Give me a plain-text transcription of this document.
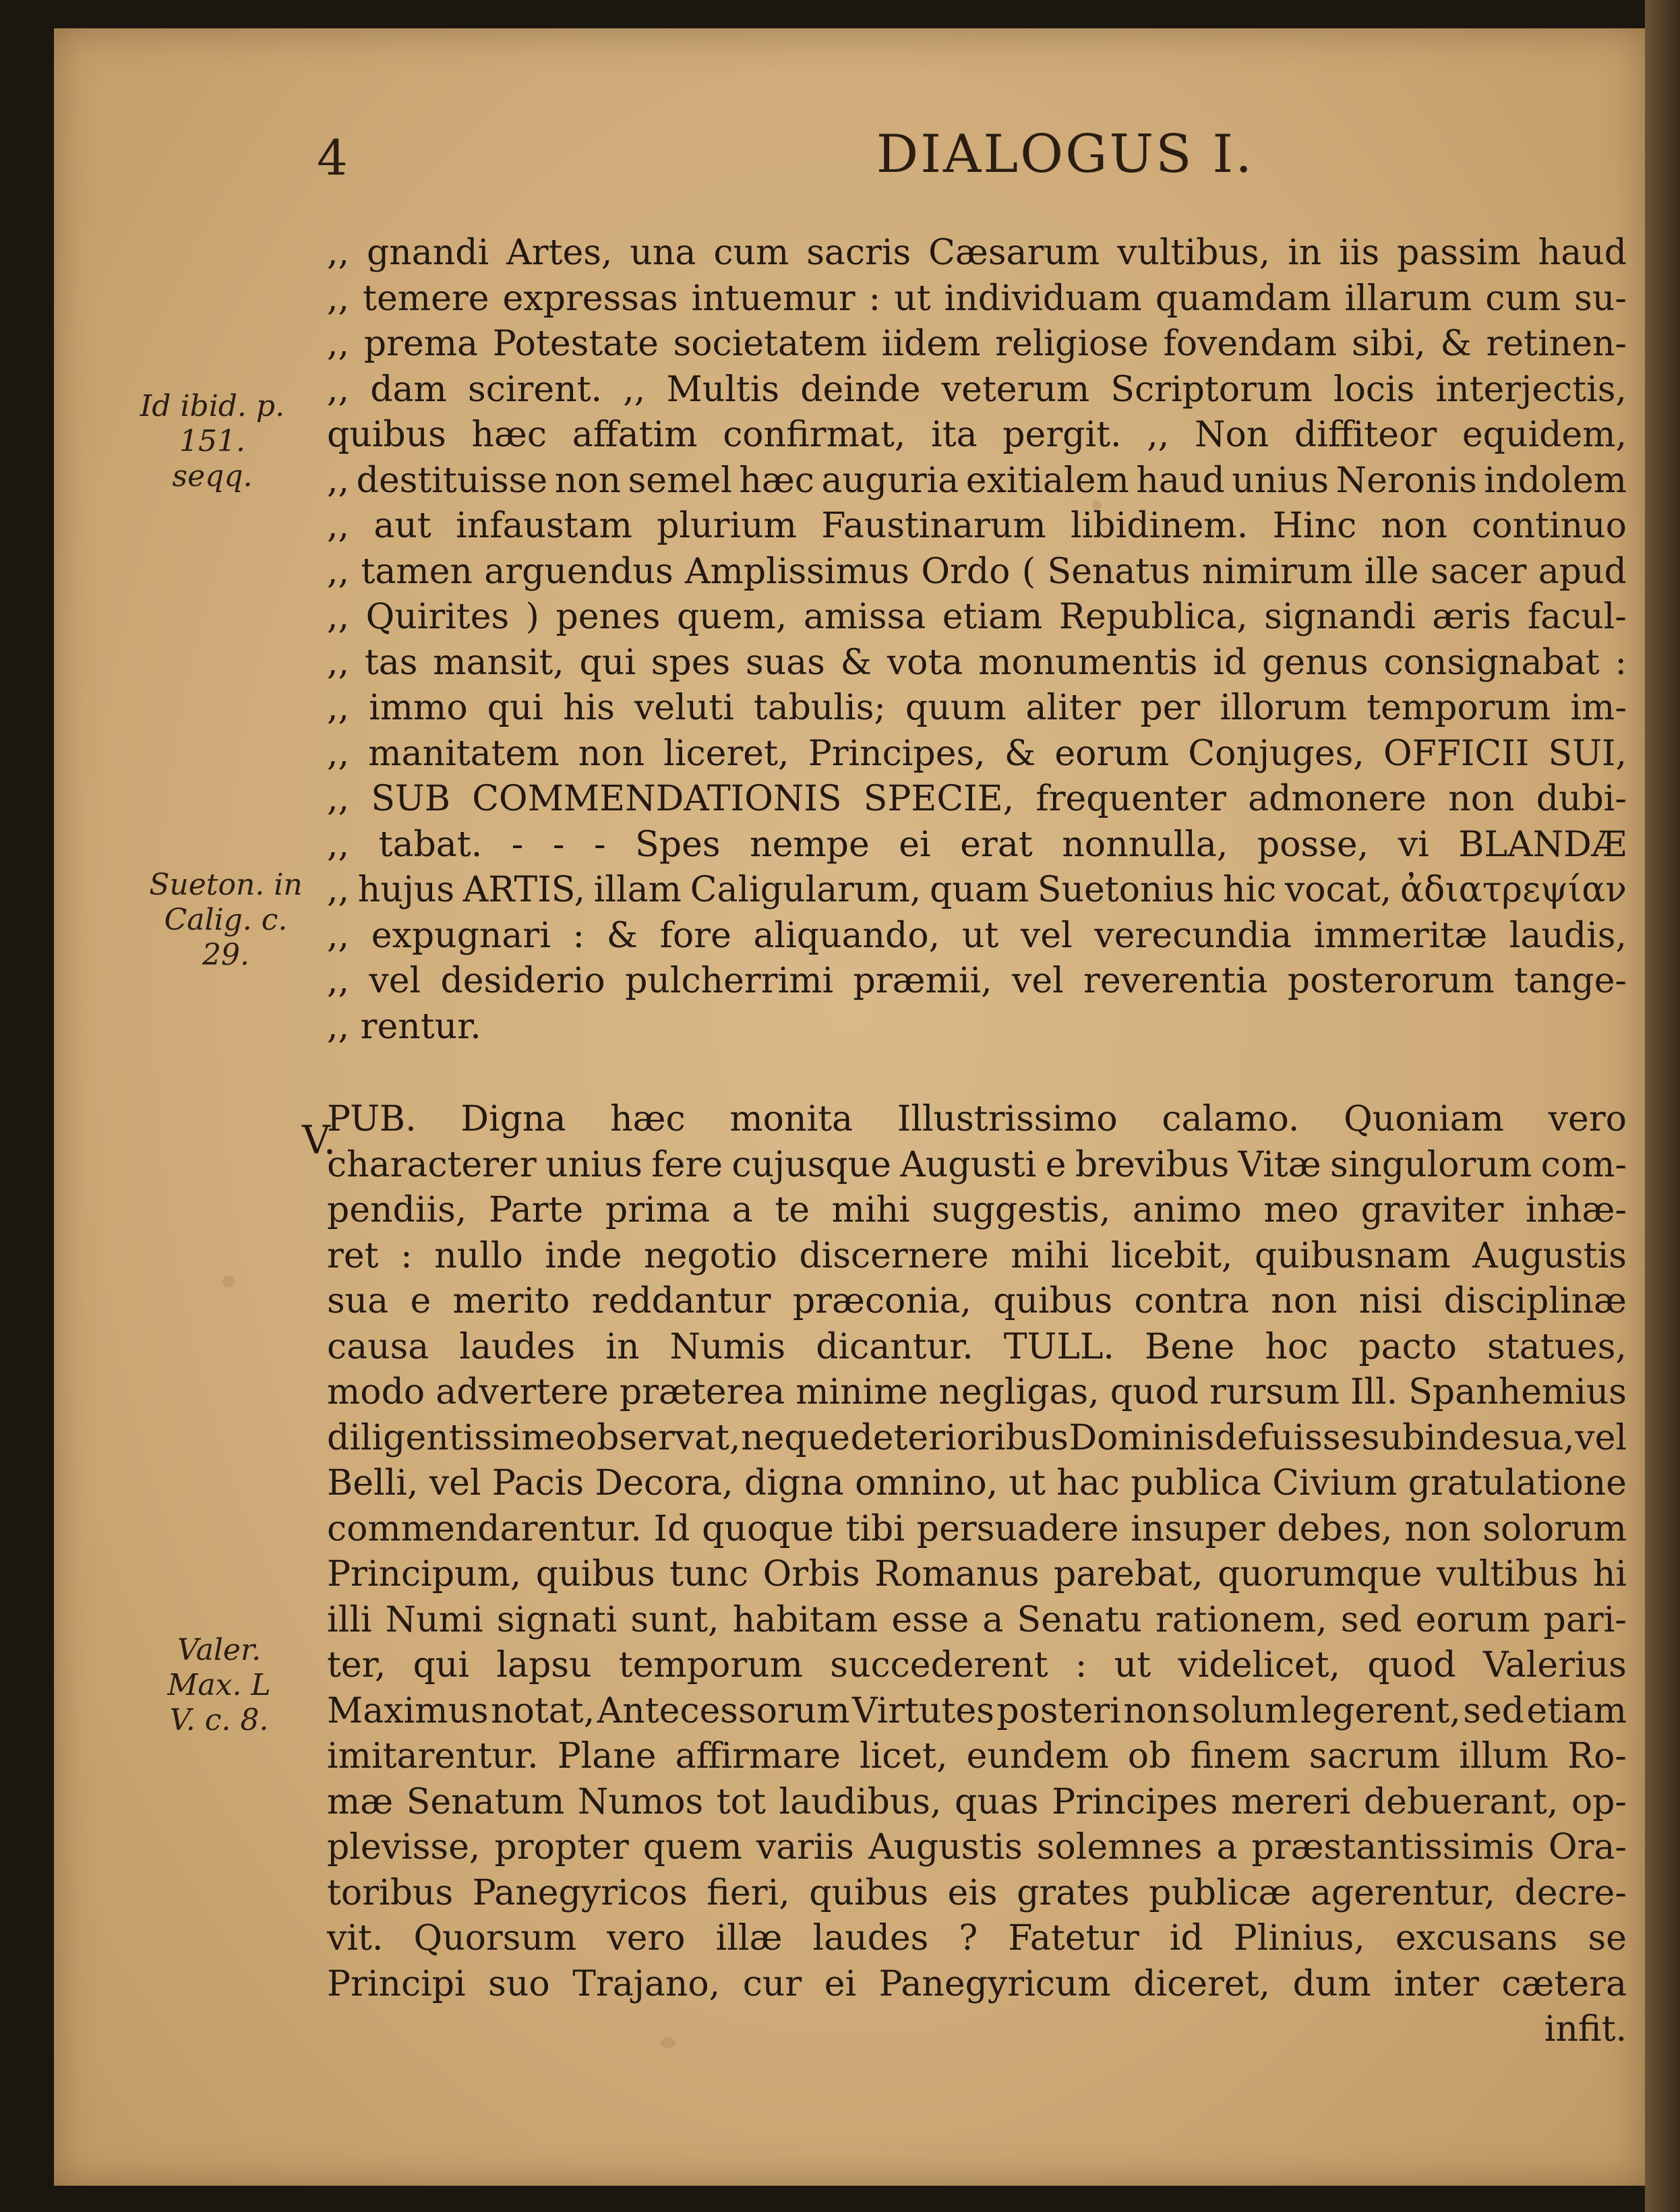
4	DIALOGUS I.
Id ibid. p.
151. seqq.
Sueton. in
Calig. c.
29.
Valer.
Max. L
V. c. 8.
V.
,, gnandi Artes, una cum sacris Cæsarum vultibus, in iis passim haud
,, temere expressas intuemur : ut individuam quamdam illarum cum su-
,, prema Potestate societatem iidem religiose fovendam sibi, & retinen-
,, dam scirent. ,, Multis deinde veterum Scriptorum locis interjectis,
quibus hæc affatim confirmat, ita pergit. ,, Non diffiteor equidem,
,, destituisse non semel hæc auguria exitialem haud unius Neronis indolem
,, aut infaustam plurium Faustinarum libidinem. Hinc non continuo
,, tamen arguendus Amplissimus Ordo ( Senatus nimirum ille sacer apud
,, Quirites ) penes quem, amissa etiam Republica, signandi æris facul-
,, tas mansit, qui spes suas & vota monumentis id genus consignabat :
,, immo qui his veluti tabulis; quum aliter per illorum temporum im-
,, manitatem non liceret, Principes, & eorum Conjuges, OFFICII SUI,
,, SUB COMMENDATIONIS SPECIE, frequenter admonere non dubi-
,, tabat. - - - Spes nempe ei erat nonnulla, posse, vi BLANDÆ
,, hujus ARTIS, illam Caligularum, quam Suetonius hic vocat, ἀδιατρεψίαν
,, expugnari : & fore aliquando, ut vel verecundia immeritæ laudis,
,, vel desiderio pulcherrimi præmii, vel reverentia posterorum tange-
,, rentur.
PUB. Digna hæc monita Illustrissimo calamo. Quoniam vero
characterer unius fere cujusque Augusti e brevibus Vitæ singulorum com-
pendiis, Parte prima a te mihi suggestis, animo meo graviter inhæ-
ret : nullo inde negotio discernere mihi licebit, quibusnam Augustis
sua e merito reddantur præconia, quibus contra non nisi disciplinæ
causa laudes in Numis dicantur. TULL. Bene hoc pacto statues,
modo advertere præterea minime negligas, quod rursum Ill. Spanhemius
diligentissime observat, neque deterioribus Dominis defuisse subinde sua, vel
Belli, vel Pacis Decora, digna omnino, ut hac publica Civium gratulatione
commendarentur. Id quoque tibi persuadere insuper debes, non solorum
Principum, quibus tunc Orbis Romanus parebat, quorumque vultibus hi
illi Numi signati sunt, habitam esse a Senatu rationem, sed eorum pari-
ter, qui lapsu temporum succederent : ut videlicet, quod Valerius
Maximus notat, Antecessorum Virtutes posteri non solum legerent, sed etiam
imitarentur. Plane affirmare licet, eundem ob finem sacrum illum Ro-
mæ Senatum Numos tot laudibus, quas Principes mereri debuerant, op-
plevisse, propter quem variis Augustis solemnes a præstantissimis Ora-
toribus Panegyricos fieri, quibus eis grates publicæ agerentur, decre-
vit. Quorsum vero illæ laudes ? Fatetur id Plinius, excusans se
Principi suo Trajano, cur ei Panegyricum diceret, dum inter cætera
infit.
